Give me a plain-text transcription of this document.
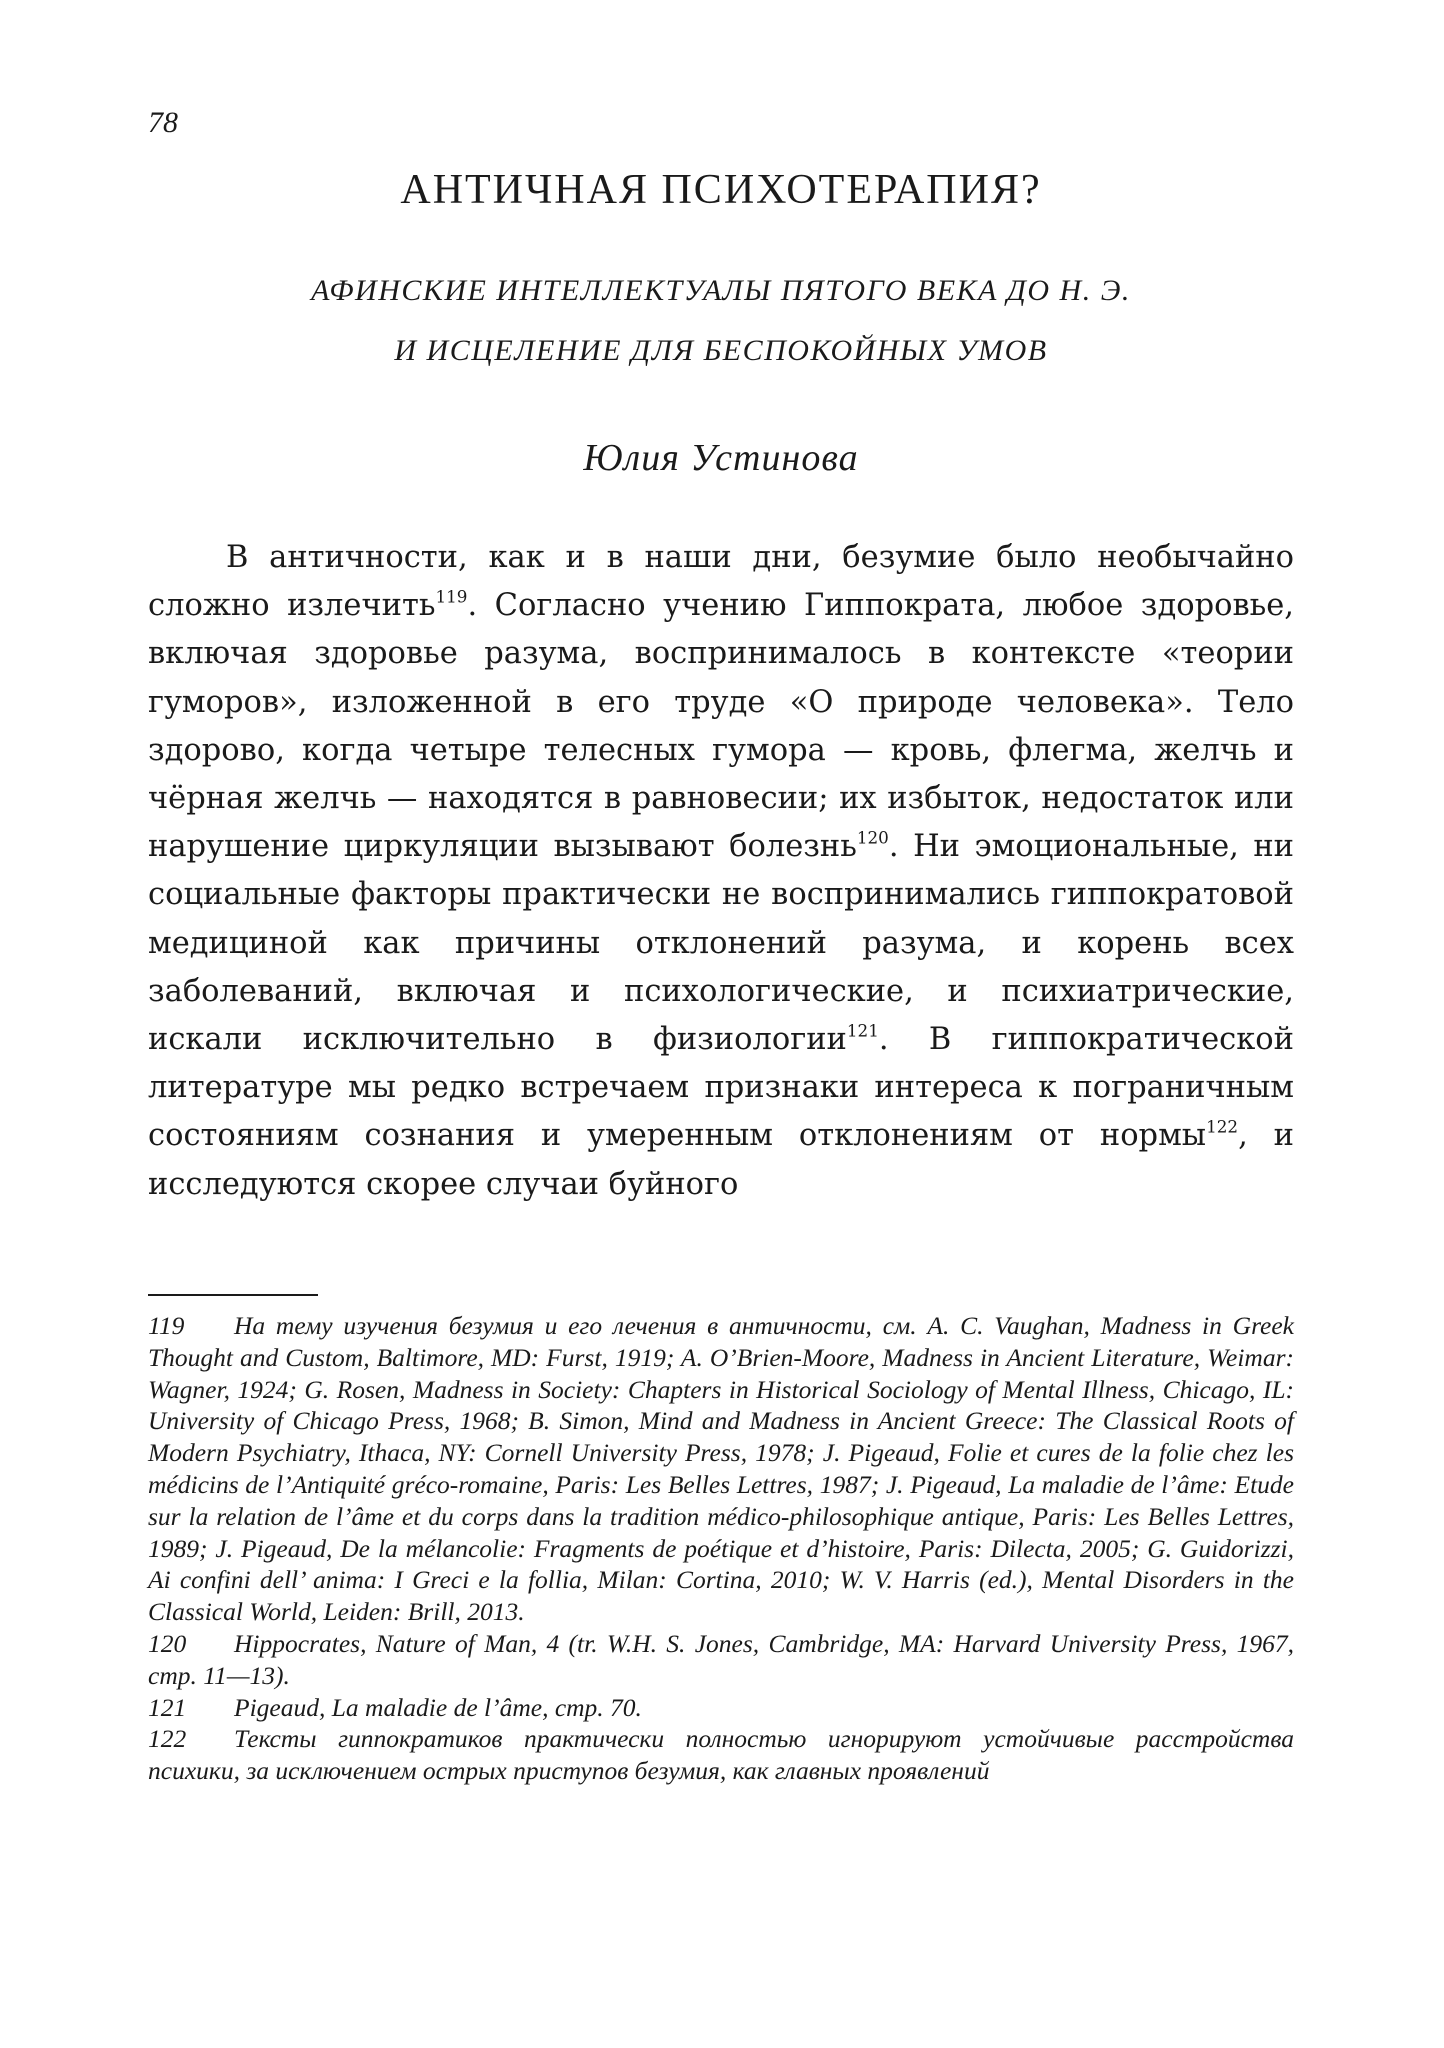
78
АНТИЧНАЯ ПСИХОТЕРАПИЯ?
АФИНСКИЕ ИНТЕЛЛЕКТУАЛЫ ПЯТОГО ВЕКА ДО Н. Э.
И ИСЦЕЛЕНИЕ ДЛЯ БЕСПОКОЙНЫХ УМОВ
Юлия Устинова

В античности, как и в наши дни, безумие было необычайно сложно излечить$^{119}$. Согласно учению Гиппократа, любое здоровье, включая здоровье разума, воспринималось в контексте «теории гуморов», изложенной в его труде «О природе человека». Тело здорово, когда четыре телесных гумора — кровь, флегма, желчь и чёрная желчь — находятся в равновесии; их избыток, недостаток или нарушение циркуляции вызывают болезнь$^{120}$. Ни эмоциональные, ни социальные факторы практически не воспринимались гиппократовой медициной как причины отклонений разума, и корень всех заболеваний, включая и психологические, и психиатрические, искали исключительно в физиологии$^{121}$. В гиппократической литературе мы редко встречаем признаки интереса к пограничным состояниям сознания и умеренным отклонениям от нормы$^{122}$, и исследуются скорее случаи буйного

119 На тему изучения безумия и его лечения в античности, см. A. C. Vaughan, Madness in Greek Thought and Custom, Baltimore, MD: Furst, 1919; A. O’Brien-Moore, Madness in Ancient Literature, Weimar: Wagner, 1924; G. Rosen, Madness in Society: Chapters in Historical Sociology of Mental Illness, Chicago, IL: University of Chicago Press, 1968; B. Simon, Mind and Madness in Ancient Greece: The Classical Roots of Modern Psychiatry, Ithaca, NY: Cornell University Press, 1978; J. Pigeaud, Folie et cures de la folie chez les médicins de l’Antiquité gréco-romaine, Paris: Les Belles Lettres, 1987; J. Pigeaud, La maladie de l’âme: Etude sur la relation de l’âme et du corps dans la tradition médico-philosophique antique, Paris: Les Belles Lettres, 1989; J. Pigeaud, De la mélancolie: Fragments de poétique et d’histoire, Paris: Dilecta, 2005; G. Guidorizzi, Ai confini dell’ anima: I Greci e la follia, Milan: Cortina, 2010; W. V. Harris (ed.), Mental Disorders in the Classical World, Leiden: Brill, 2013.

120 Hippocrates, Nature of Man, 4 (tr. W.H. S. Jones, Cambridge, MA: Harvard University Press, 1967, стр. 11—13).

121 Pigeaud, La maladie de l’âme, стр. 70.

122 Тексты гиппократиков практически полностью игнорируют устойчивые расстройства психики, за исключением острых приступов безумия, как главных проявлений
